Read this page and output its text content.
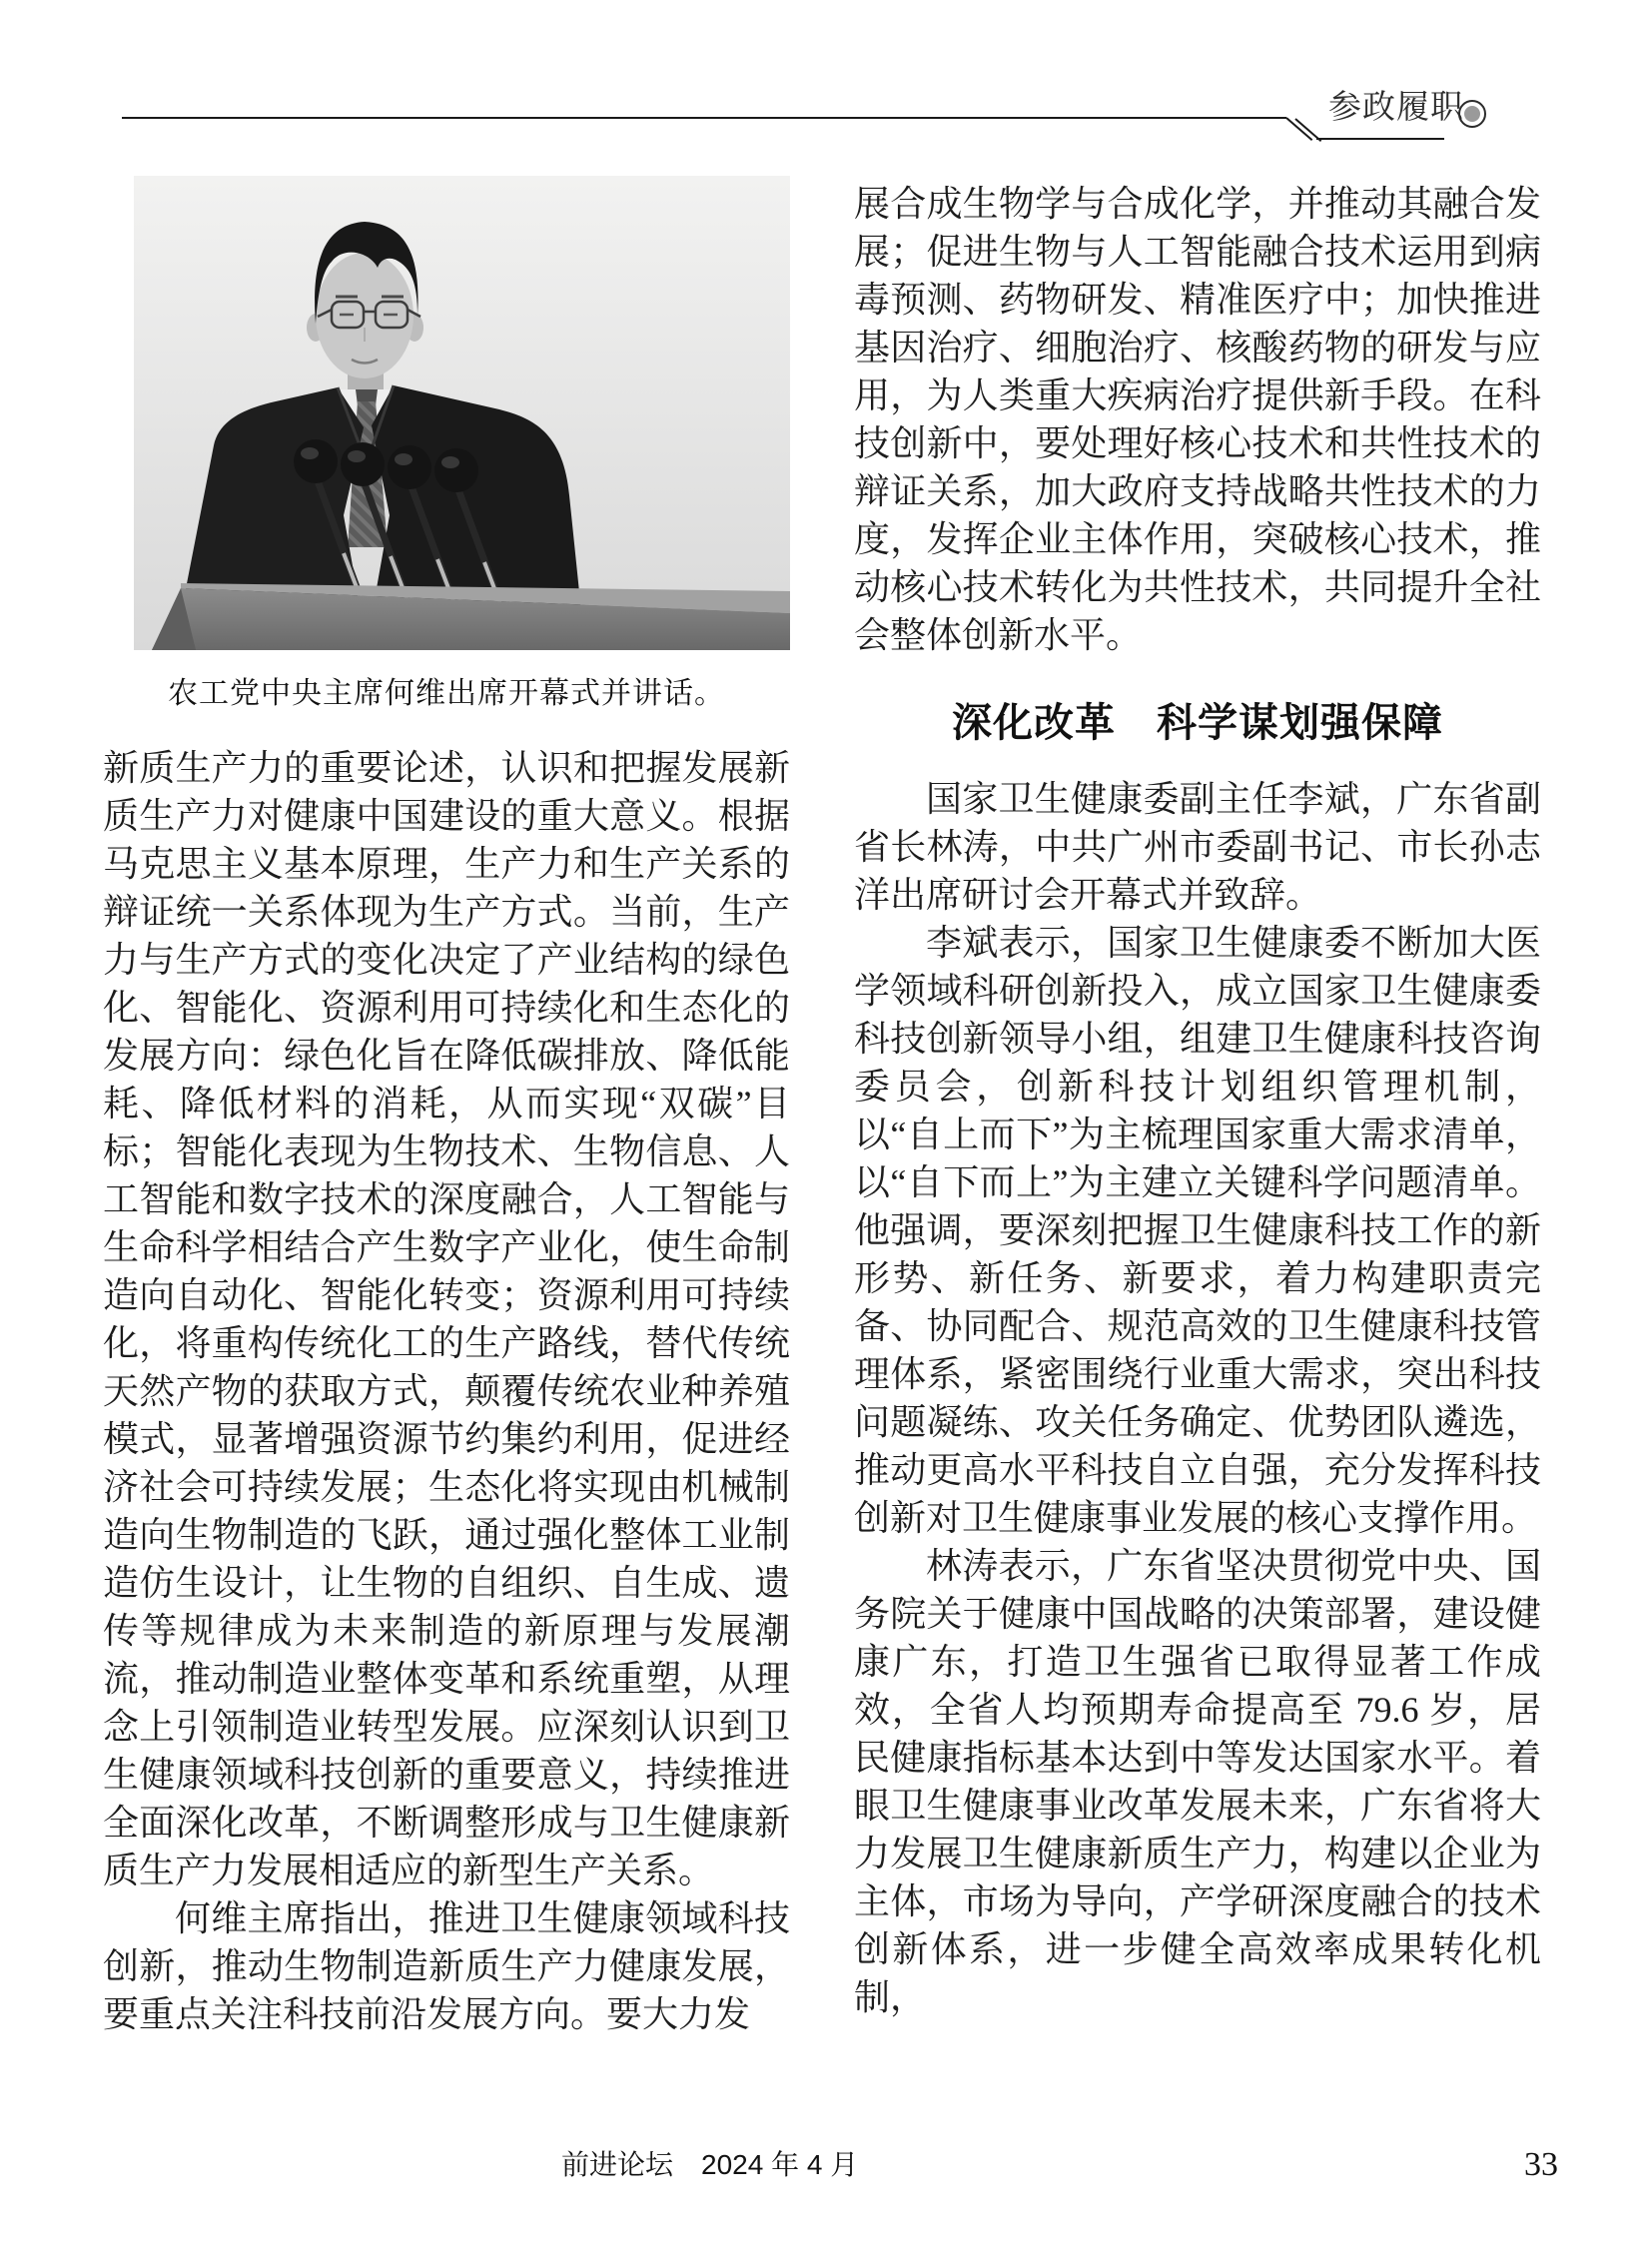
参政履职
农工党中央主席何维出席开幕式并讲话。

新质生产力的重要论述，认识和把握发展新质生产力对健康中国建设的重大意义。根据马克思主义基本原理，生产力和生产关系的辩证统一关系体现为生产方式。当前，生产力与生产方式的变化决定了产业结构的绿色化、智能化、资源利用可持续化和生态化的发展方向：绿色化旨在降低碳排放、降低能耗、降低材料的消耗，从而实现“双碳”目标；智能化表现为生物技术、生物信息、人工智能和数字技术的深度融合，人工智能与生命科学相结合产生数字产业化，使生命制造向自动化、智能化转变；资源利用可持续化，将重构传统化工的生产路线，替代传统天然产物的获取方式，颠覆传统农业种养殖模式，显著增强资源节约集约利用，促进经济社会可持续发展；生态化将实现由机械制造向生物制造的飞跃，通过强化整体工业制造仿生设计，让生物的自组织、自生成、遗传等规律成为未来制造的新原理与发展潮流，推动制造业整体变革和系统重塑，从理念上引领制造业转型发展。应深刻认识到卫生健康领域科技创新的重要意义，持续推进全面深化改革，不断调整形成与卫生健康新质生产力发展相适应的新型生产关系。

何维主席指出，推进卫生健康领域科技创新，推动生物制造新质生产力健康发展，要重点关注科技前沿发展方向。要大力发

展合成生物学与合成化学，并推动其融合发展；促进生物与人工智能融合技术运用到病毒预测、药物研发、精准医疗中；加快推进基因治疗、细胞治疗、核酸药物的研发与应用，为人类重大疾病治疗提供新手段。在科技创新中，要处理好核心技术和共性技术的辩证关系，加大政府支持战略共性技术的力度，发挥企业主体作用，突破核心技术，推动核心技术转化为共性技术，共同提升全社会整体创新水平。

深化改革　科学谋划强保障

国家卫生健康委副主任李斌，广东省副省长林涛，中共广州市委副书记、市长孙志洋出席研讨会开幕式并致辞。

李斌表示，国家卫生健康委不断加大医学领域科研创新投入，成立国家卫生健康委科技创新领导小组，组建卫生健康科技咨询委员会，创新科技计划组织管理机制，以“自上而下”为主梳理国家重大需求清单，以“自下而上”为主建立关键科学问题清单。他强调，要深刻把握卫生健康科技工作的新形势、新任务、新要求，着力构建职责完备、协同配合、规范高效的卫生健康科技管理体系，紧密围绕行业重大需求，突出科技问题凝练、攻关任务确定、优势团队遴选，推动更高水平科技自立自强，充分发挥科技创新对卫生健康事业发展的核心支撑作用。

林涛表示，广东省坚决贯彻党中央、国务院关于健康中国战略的决策部署，建设健康广东，打造卫生强省已取得显著工作成效，全省人均预期寿命提高至 79.6 岁，居民健康指标基本达到中等发达国家水平。着眼卫生健康事业改革发展未来，广东省将大力发展卫生健康新质生产力，构建以企业为主体，市场为导向，产学研深度融合的技术创新体系，进一步健全高效率成果转化机制，

前进论坛 2024 年 4 月	33
